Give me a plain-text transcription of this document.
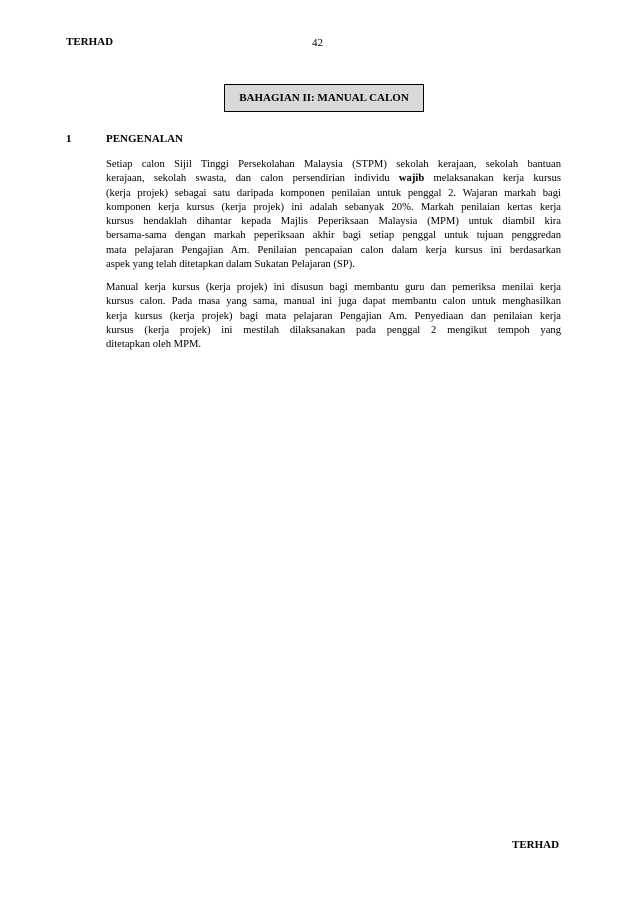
TERHAD	42
BAHAGIAN II: MANUAL CALON
1	PENGENALAN
Setiap calon Sijil Tinggi Persekolahan Malaysia (STPM) sekolah kerajaan, sekolah bantuan
kerajaan, sekolah swasta, dan calon persendirian individu wajib melaksanakan kerja kursus
(kerja projek) sebagai satu daripada komponen penilaian untuk penggal 2. Wajaran markah bagi
komponen kerja kursus (kerja projek) ini adalah sebanyak 20%. Markah penilaian kertas kerja
kursus hendaklah dihantar kepada Majlis Peperiksaan Malaysia (MPM) untuk diambil kira
bersama-sama dengan markah peperiksaan akhir bagi setiap penggal untuk tujuan penggredan
mata pelajaran Pengajian Am. Penilaian pencapaian calon dalam kerja kursus ini berdasarkan
aspek yang telah ditetapkan dalam Sukatan Pelajaran (SP).
Manual kerja kursus (kerja projek) ini disusun bagi membantu guru dan pemeriksa menilai kerja
kursus calon. Pada masa yang sama, manual ini juga dapat membantu calon untuk menghasilkan
kerja kursus (kerja projek) bagi mata pelajaran Pengajian Am. Penyediaan dan penilaian kerja
kursus (kerja projek) ini mestilah dilaksanakan pada penggal 2 mengikut tempoh yang
ditetapkan oleh MPM.
TERHAD
